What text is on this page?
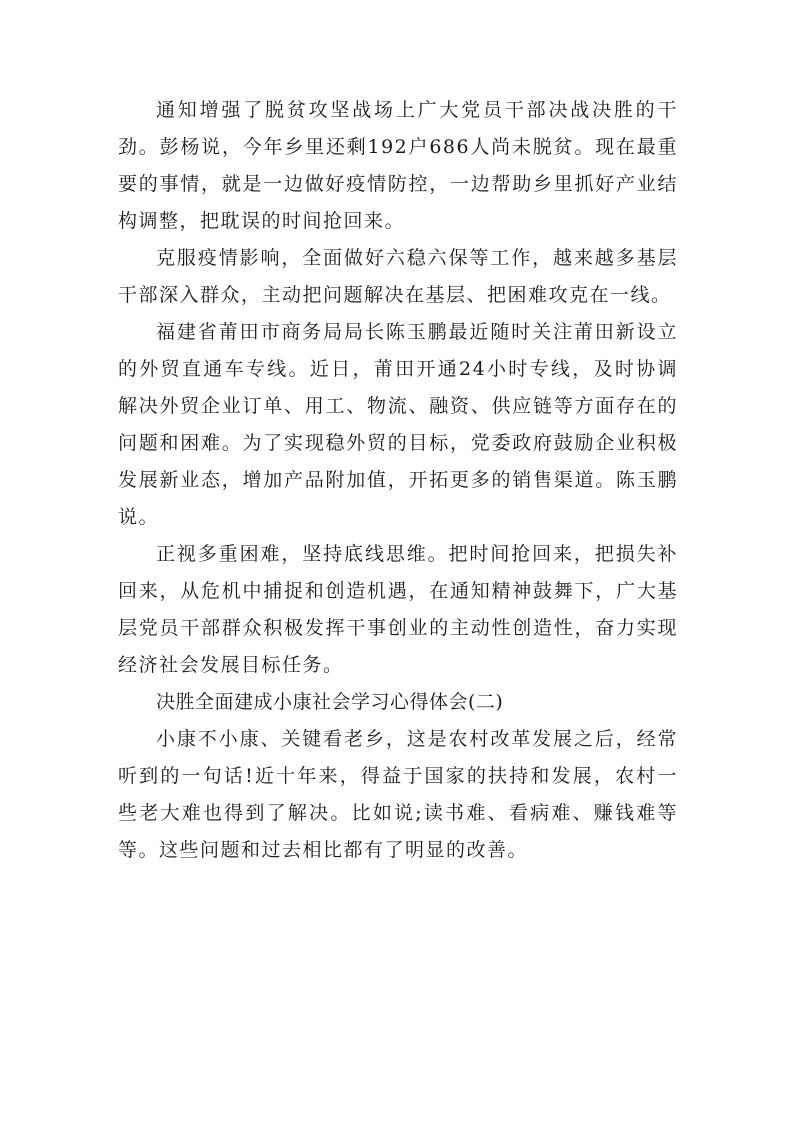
通知增强了脱贫攻坚战场上广大党员干部决战决胜的干劲。彭杨说，今年乡里还剩192户686人尚未脱贫。现在最重要的事情，就是一边做好疫情防控，一边帮助乡里抓好产业结构调整，把耽误的时间抢回来。

克服疫情影响，全面做好六稳六保等工作，越来越多基层干部深入群众，主动把问题解决在基层、把困难攻克在一线。

福建省莆田市商务局局长陈玉鹏最近随时关注莆田新设立的外贸直通车专线。近日，莆田开通24小时专线，及时协调解决外贸企业订单、用工、物流、融资、供应链等方面存在的问题和困难。为了实现稳外贸的目标，党委政府鼓励企业积极发展新业态，增加产品附加值，开拓更多的销售渠道。陈玉鹏说。

正视多重困难，坚持底线思维。把时间抢回来，把损失补回来，从危机中捕捉和创造机遇，在通知精神鼓舞下，广大基层党员干部群众积极发挥干事创业的主动性创造性，奋力实现经济社会发展目标任务。

决胜全面建成小康社会学习心得体会(二)

小康不小康、关键看老乡，这是农村改革发展之后，经常听到的一句话!近十年来，得益于国家的扶持和发展，农村一些老大难也得到了解决。比如说;读书难、看病难、赚钱难等等。这些问题和过去相比都有了明显的改善。
